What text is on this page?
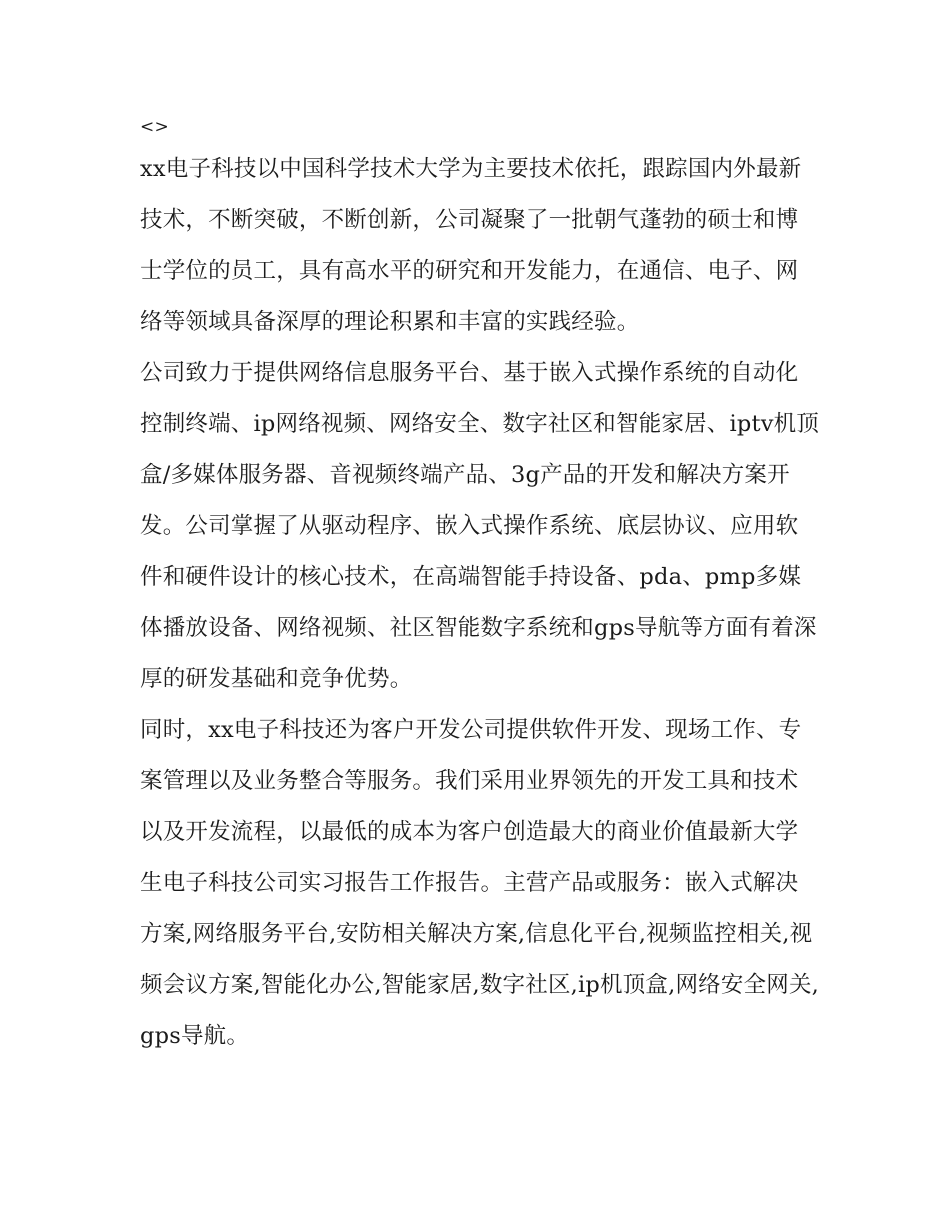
<>

xx电子科技以中国科学技术大学为主要技术依托，跟踪国内外最新技术，不断突破，不断创新，公司凝聚了一批朝气蓬勃的硕士和博士学位的员工，具有高水平的研究和开发能力，在通信、电子、网络等领域具备深厚的理论积累和丰富的实践经验。

公司致力于提供网络信息服务平台、基于嵌入式操作系统的自动化控制终端、ip网络视频、网络安全、数字社区和智能家居、iptv机顶盒/多媒体服务器、音视频终端产品、3g产品的开发和解决方案开发。公司掌握了从驱动程序、嵌入式操作系统、底层协议、应用软件和硬件设计的核心技术，在高端智能手持设备、pda、pmp多媒体播放设备、网络视频、社区智能数字系统和gps导航等方面有着深厚的研发基础和竞争优势。

同时，xx电子科技还为客户开发公司提供软件开发、现场工作、专案管理以及业务整合等服务。我们采用业界领先的开发工具和技术以及开发流程，以最低的成本为客户创造最大的商业价值最新大学生电子科技公司实习报告工作报告。主营产品或服务：嵌入式解决方案,网络服务平台,安防相关解决方案,信息化平台,视频监控相关,视频会议方案,智能化办公,智能家居,数字社区,ip机顶盒,网络安全网关,gps导航。
